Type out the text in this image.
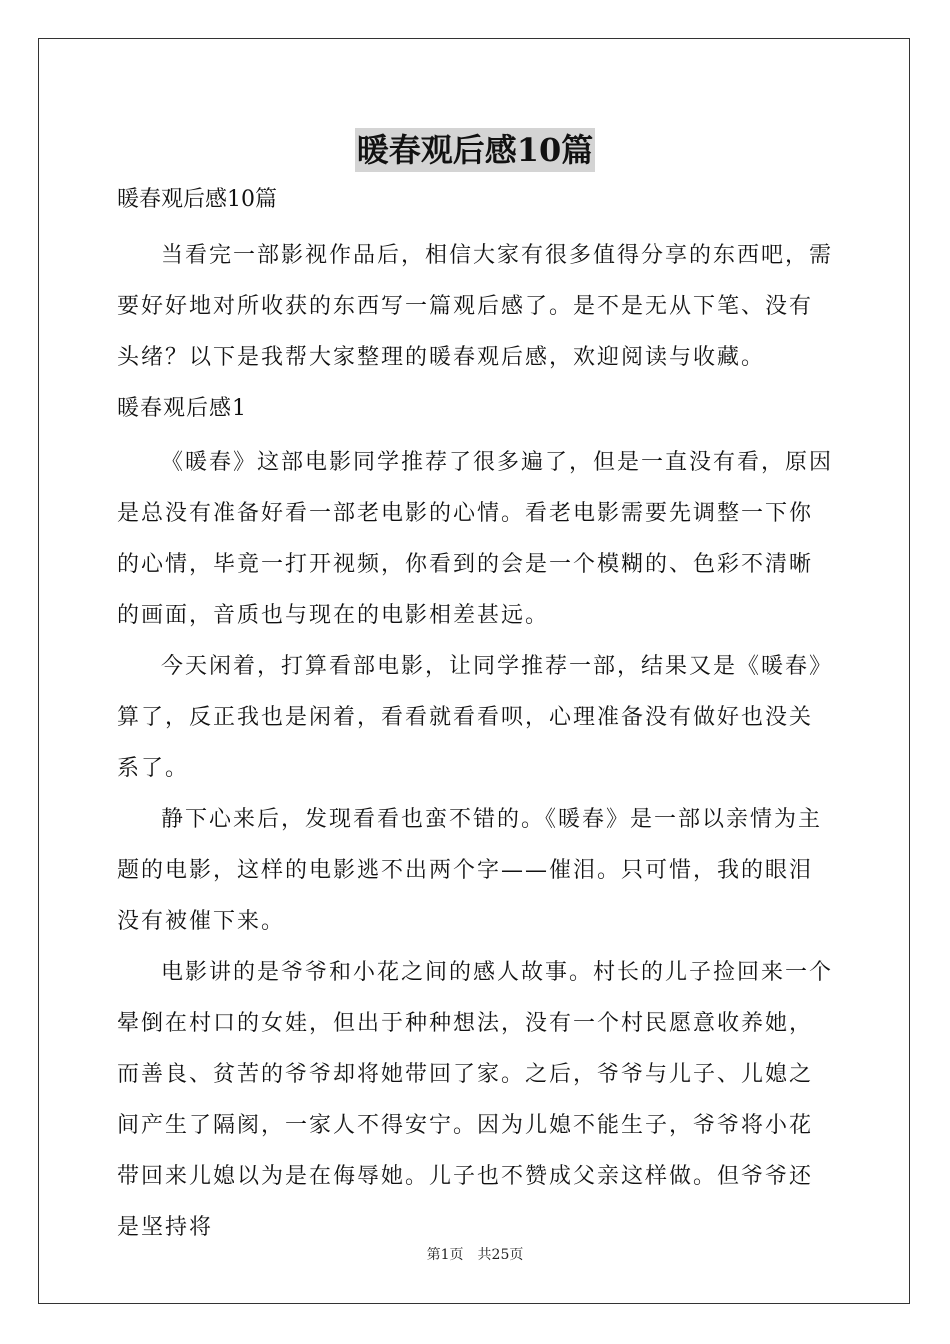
暖春观后感10篇

暖春观后感10篇

当看完一部影视作品后，相信大家有很多值得分享的东西吧，需要好好地对所收获的东西写一篇观后感了。是不是无从下笔、没有头绪？以下是我帮大家整理的暖春观后感，欢迎阅读与收藏。

暖春观后感1

《暖春》这部电影同学推荐了很多遍了，但是一直没有看，原因是总没有准备好看一部老电影的心情。看老电影需要先调整一下你的心情，毕竟一打开视频，你看到的会是一个模糊的、色彩不清晰的画面，音质也与现在的电影相差甚远。

今天闲着，打算看部电影，让同学推荐一部，结果又是《暖春》算了，反正我也是闲着，看看就看看呗，心理准备没有做好也没关系了。

静下心来后，发现看看也蛮不错的。《暖春》是一部以亲情为主题的电影，这样的电影逃不出两个字——催泪。只可惜，我的眼泪没有被催下来。

电影讲的是爷爷和小花之间的感人故事。村长的儿子捡回来一个晕倒在村口的女娃，但出于种种想法，没有一个村民愿意收养她，而善良、贫苦的爷爷却将她带回了家。之后，爷爷与儿子、儿媳之间产生了隔阂，一家人不得安宁。因为儿媳不能生子，爷爷将小花带回来儿媳以为是在侮辱她。儿子也不赞成父亲这样做。但爷爷还是坚持将

第1页　共25页
